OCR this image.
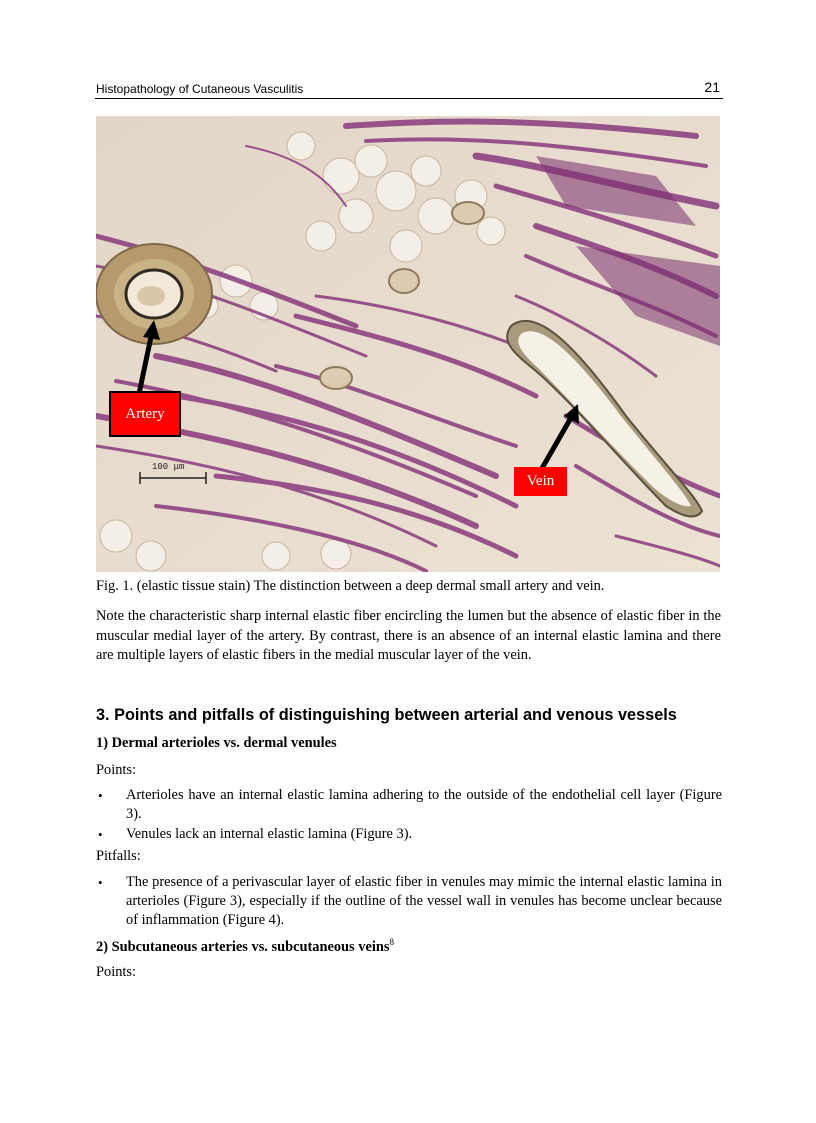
Histopathology of Cutaneous Vasculitis	21
Artery
Vein
100 μm
Fig. 1. (elastic tissue stain) The distinction between a deep dermal small artery and vein.
Note the characteristic sharp internal elastic fiber encircling the lumen but the absence of elastic fiber in the muscular medial layer of the artery. By contrast, there is an absence of an internal elastic lamina and there are multiple layers of elastic fibers in the medial muscular layer of the vein.
3. Points and pitfalls of distinguishing between arterial and venous vessels
1) Dermal arterioles vs. dermal venules
Points:
• Arterioles have an internal elastic lamina adhering to the outside of the endothelial cell layer (Figure 3).
• Venules lack an internal elastic lamina (Figure 3).
Pitfalls:
• The presence of a perivascular layer of elastic fiber in venules may mimic the internal elastic lamina in arterioles (Figure 3), especially if the outline of the vessel wall in venules has become unclear because of inflammation (Figure 4).
2) Subcutaneous arteries vs. subcutaneous veins$^8$
Points:
